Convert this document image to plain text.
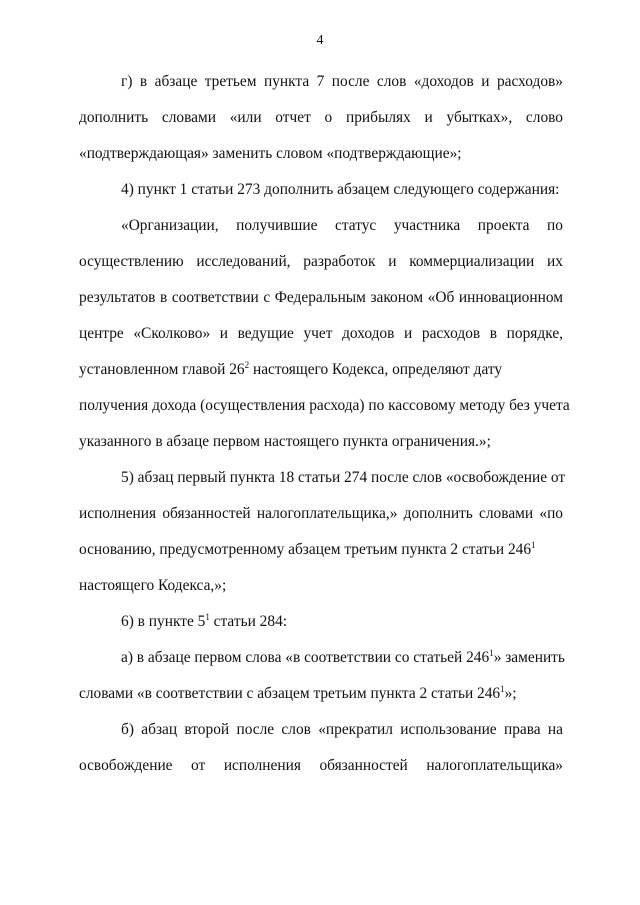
4
г) в абзаце третьем пункта 7 после слов «доходов и расходов»
дополнить словами «или отчет о прибылях и убытках», слово
«подтверждающая» заменить словом «подтверждающие»;
4) пункт 1 статьи 273 дополнить абзацем следующего содержания:
«Организации, получившие статус участника проекта по
осуществлению исследований, разработок и коммерциализации их
результатов в соответствии с Федеральным законом «Об инновационном
центре «Сколково» и ведущие учет доходов и расходов в порядке,
установленном главой $26^2$ настоящего Кодекса, определяют дату
получения дохода (осуществления расхода) по кассовому методу без учета
указанного в абзаце первом настоящего пункта ограничения.»;
5) абзац первый пункта 18 статьи 274 после слов «освобождение от
исполнения обязанностей налогоплательщика,» дополнить словами «по
основанию, предусмотренному абзацем третьим пункта 2 статьи $246^1$
настоящего Кодекса,»;
6) в пункте $5^1$ статьи 284:
а) в абзаце первом слова «в соответствии со статьей $246^1$» заменить
словами «в соответствии с абзацем третьим пункта 2 статьи $246^1$»;
б) абзац второй после слов «прекратил использование права на
освобождение от исполнения обязанностей налогоплательщика»
